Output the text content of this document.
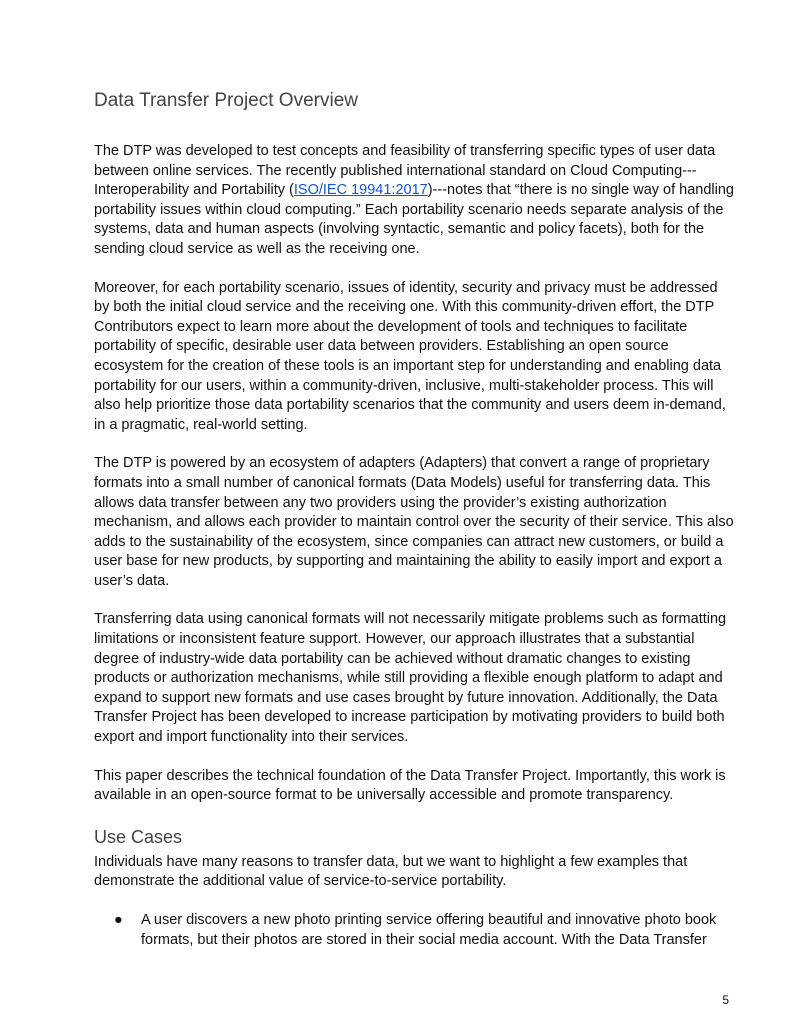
Data Transfer Project Overview

The DTP was developed to test concepts and feasibility of transferring specific types of user data between online services. The recently published international standard on Cloud Computing---Interoperability and Portability (ISO/IEC 19941:2017)---notes that “there is no single way of handling portability issues within cloud computing.” Each portability scenario needs separate analysis of the systems, data and human aspects (involving syntactic, semantic and policy facets), both for the sending cloud service as well as the receiving one.

Moreover, for each portability scenario, issues of identity, security and privacy must be addressed by both the initial cloud service and the receiving one. With this community-driven effort, the DTP Contributors expect to learn more about the development of tools and techniques to facilitate portability of specific, desirable user data between providers. Establishing an open source ecosystem for the creation of these tools is an important step for understanding and enabling data portability for our users, within a community-driven, inclusive, multi-stakeholder process. This will also help prioritize those data portability scenarios that the community and users deem in-demand, in a pragmatic, real-world setting.

The DTP is powered by an ecosystem of adapters (Adapters) that convert a range of proprietary formats into a small number of canonical formats (Data Models) useful for transferring data. This allows data transfer between any two providers using the provider’s existing authorization mechanism, and allows each provider to maintain control over the security of their service. This also adds to the sustainability of the ecosystem, since companies can attract new customers, or build a user base for new products, by supporting and maintaining the ability to easily import and export a user’s data.

Transferring data using canonical formats will not necessarily mitigate problems such as formatting limitations or inconsistent feature support. However, our approach illustrates that a substantial degree of industry-wide data portability can be achieved without dramatic changes to existing products or authorization mechanisms, while still providing a flexible enough platform to adapt and expand to support new formats and use cases brought by future innovation. Additionally, the Data Transfer Project has been developed to increase participation by motivating providers to build both export and import functionality into their services.

This paper describes the technical foundation of the Data Transfer Project. Importantly, this work is available in an open-source format to be universally accessible and promote transparency.

Use Cases

Individuals have many reasons to transfer data, but we want to highlight a few examples that demonstrate the additional value of service-to-service portability.

● A user discovers a new photo printing service offering beautiful and innovative photo book formats, but their photos are stored in their social media account. With the Data Transfer
5
